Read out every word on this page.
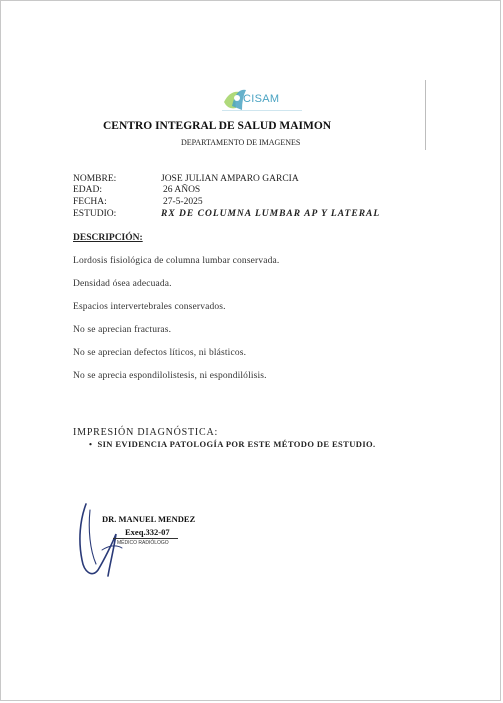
CISAM
CENTRO INTEGRAL DE SALUD MAIMON
DEPARTAMENTO DE IMAGENES
NOMBRE:	JOSE JULIAN AMPARO GARCIA
EDAD:	26 AÑOS
FECHA:	27-5-2025
ESTUDIO:	RX DE COLUMNA LUMBAR AP Y LATERAL
DESCRIPCIÓN:
Lordosis fisiológica de columna lumbar conservada.
Densidad ósea adecuada.
Espacios intervertebrales conservados.
No se aprecian fracturas.
No se aprecian defectos líticos, ni blásticos.
No se aprecia espondilolistesis, ni espondilólisis.
IMPRESIÓN DIAGNÓSTICA:
•  SIN EVIDENCIA PATOLOGÍA POR ESTE MÉTODO DE ESTUDIO.
DR. MANUEL MENDEZ
Exeq.332-07
MÉDICO RADIÓLOGO
